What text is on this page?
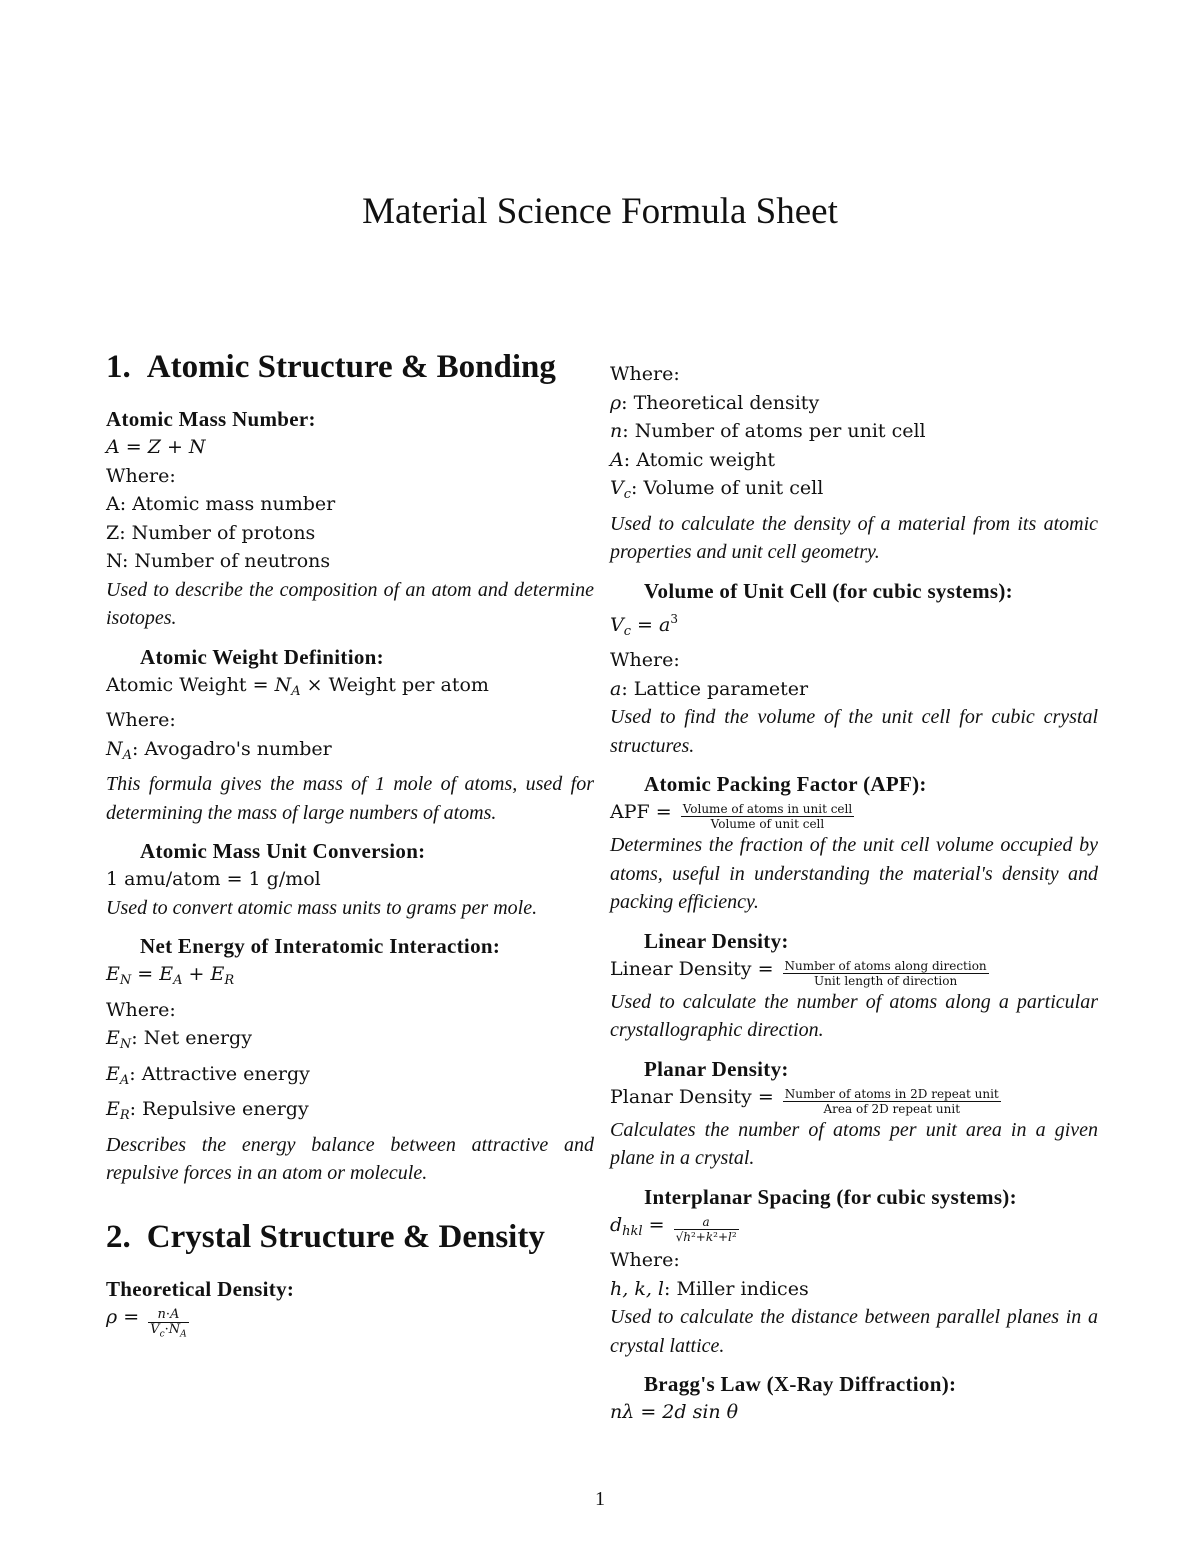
Material Science Formula Sheet
1. Atomic Structure & Bonding

Atomic Mass Number:

A = Z + N

Where:

A: Atomic mass number

Z: Number of protons

N: Number of neutrons

Used to describe the composition of an atom and determine isotopes.

Atomic Weight Definition:

Atomic Weight = $N_A$ × Weight per atom

Where:

$N_A$: Avogadro's number

This formula gives the mass of 1 mole of atoms, used for determining the mass of large numbers of atoms.

Atomic Mass Unit Conversion:

1 amu/atom = 1 g/mol

Used to convert atomic mass units to grams per mole.

Net Energy of Interatomic Interaction:

$E_N = E_A + E_R$

Where:

$E_N$: Net energy

$E_A$: Attractive energy

$E_R$: Repulsive energy

Describes the energy balance between attractive and repulsive forces in an atom or molecule.

2. Crystal Structure & Density

Theoretical Density:

$\rho = \frac{n\cdot A}{V_c\cdot N_A}$

Where:

ρ: Theoretical density

n: Number of atoms per unit cell

A: Atomic weight

$V_c$: Volume of unit cell

Used to calculate the density of a material from its atomic properties and unit cell geometry.

Volume of Unit Cell (for cubic systems):

$V_c = a^3$

Where:

a: Lattice parameter

Used to find the volume of the unit cell for cubic crystal structures.

Atomic Packing Factor (APF):

APF = $\frac{\text{Volume of atoms in unit cell}}{\text{Volume of unit cell}}$

Determines the fraction of the unit cell volume occupied by atoms, useful in understanding the material's density and packing efficiency.

Linear Density:

Linear Density = $\frac{\text{Number of atoms along direction}}{\text{Unit length of direction}}$

Used to calculate the number of atoms along a particular crystallographic direction.

Planar Density:

Planar Density = $\frac{\text{Number of atoms in 2D repeat unit}}{\text{Area of 2D repeat unit}}$

Calculates the number of atoms per unit area in a given plane in a crystal.

Interplanar Spacing (for cubic systems):

$d_{hkl} = \frac{a}{\text{√h²+k²+l²}}$

Where:

h, k, l: Miller indices

Used to calculate the distance between parallel planes in a crystal lattice.

Bragg's Law (X-Ray Diffraction):

nλ = 2d sin θ

1
